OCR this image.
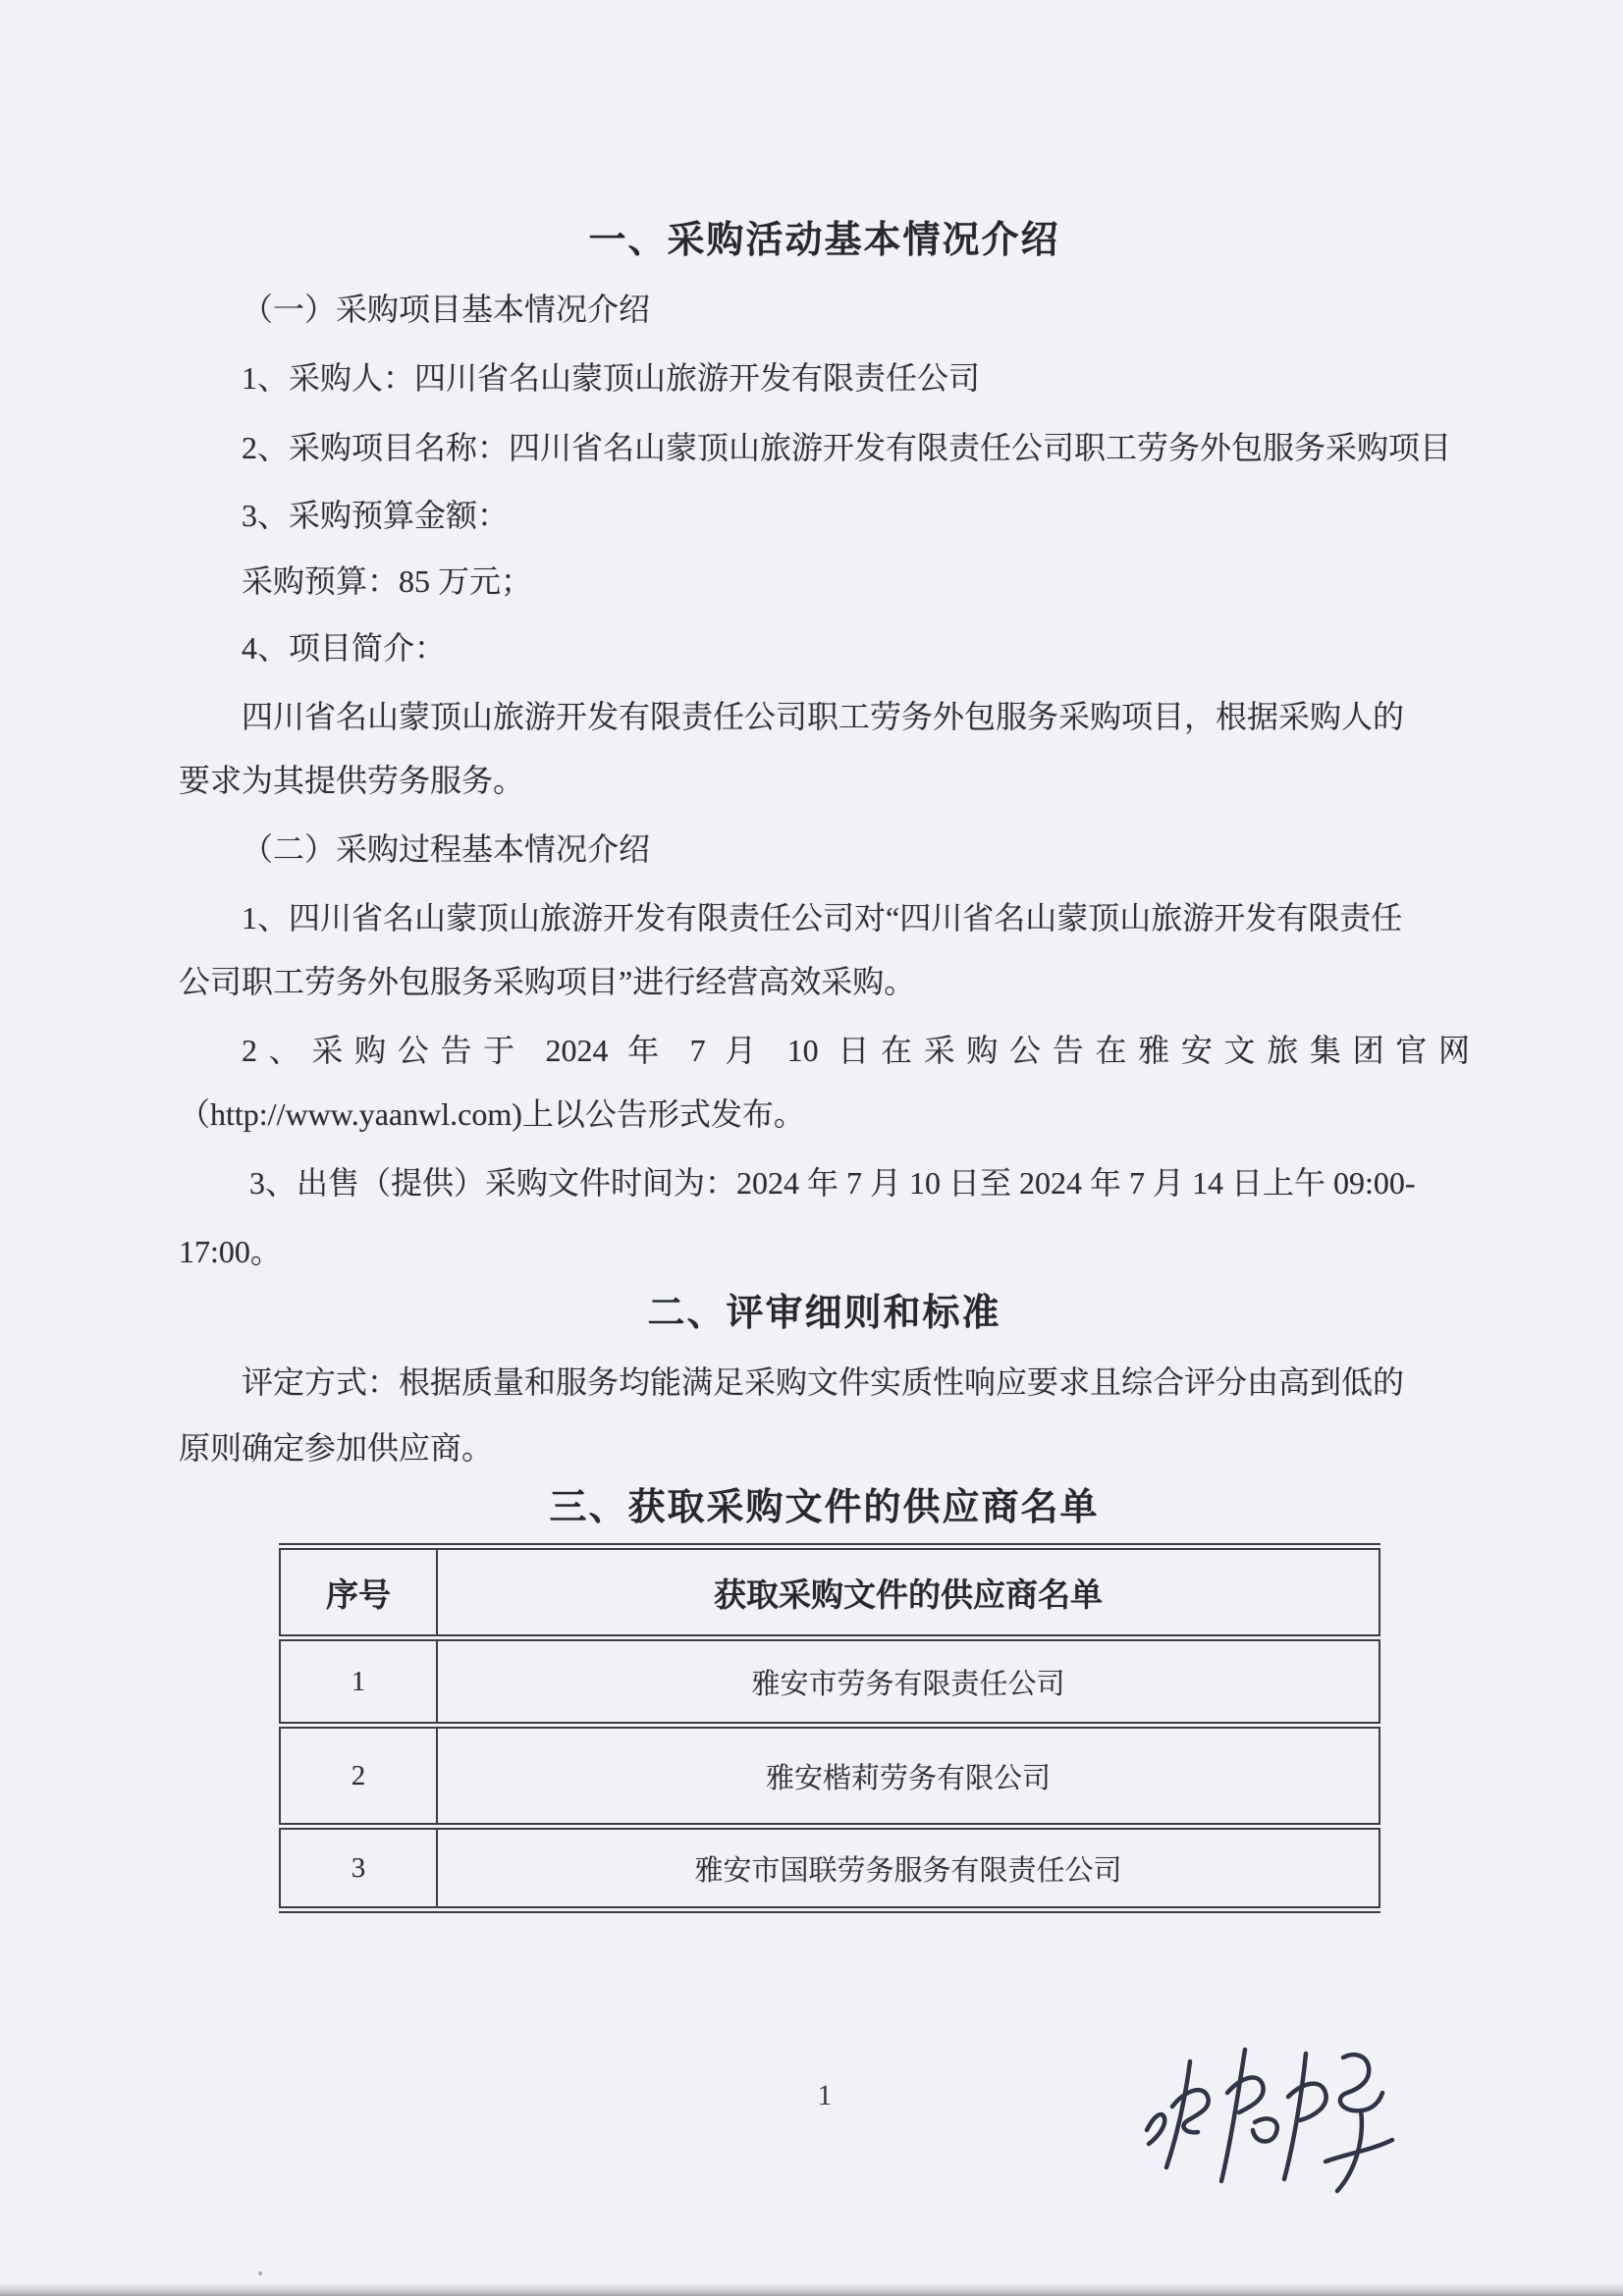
一、采购活动基本情况介绍
（一）采购项目基本情况介绍
1、采购人：四川省名山蒙顶山旅游开发有限责任公司
2、采购项目名称：四川省名山蒙顶山旅游开发有限责任公司职工劳务外包服务采购项目
3、采购预算金额：
采购预算：85 万元；
4、项目简介：
四川省名山蒙顶山旅游开发有限责任公司职工劳务外包服务采购项目，根据采购人的
要求为其提供劳务服务。
（二）采购过程基本情况介绍
1、四川省名山蒙顶山旅游开发有限责任公司对“四川省名山蒙顶山旅游开发有限责任
公司职工劳务外包服务采购项目”进行经营高效采购。
2、采购公告于 2024 年 7 月 10 日在采购公告在雅安文旅集团官网
（http://www.yaanwl.com)上以公告形式发布。
3、出售（提供）采购文件时间为：2024 年 7 月 10 日至 2024 年 7 月 14 日上午 09:00-
17:00。
二、评审细则和标准
评定方式：根据质量和服务均能满足采购文件实质性响应要求且综合评分由高到低的
原则确定参加供应商。
三、获取采购文件的供应商名单
序号	获取采购文件的供应商名单
1	雅安市劳务有限责任公司
2	雅安楷莉劳务有限公司
3	雅安市国联劳务服务有限责任公司
1
